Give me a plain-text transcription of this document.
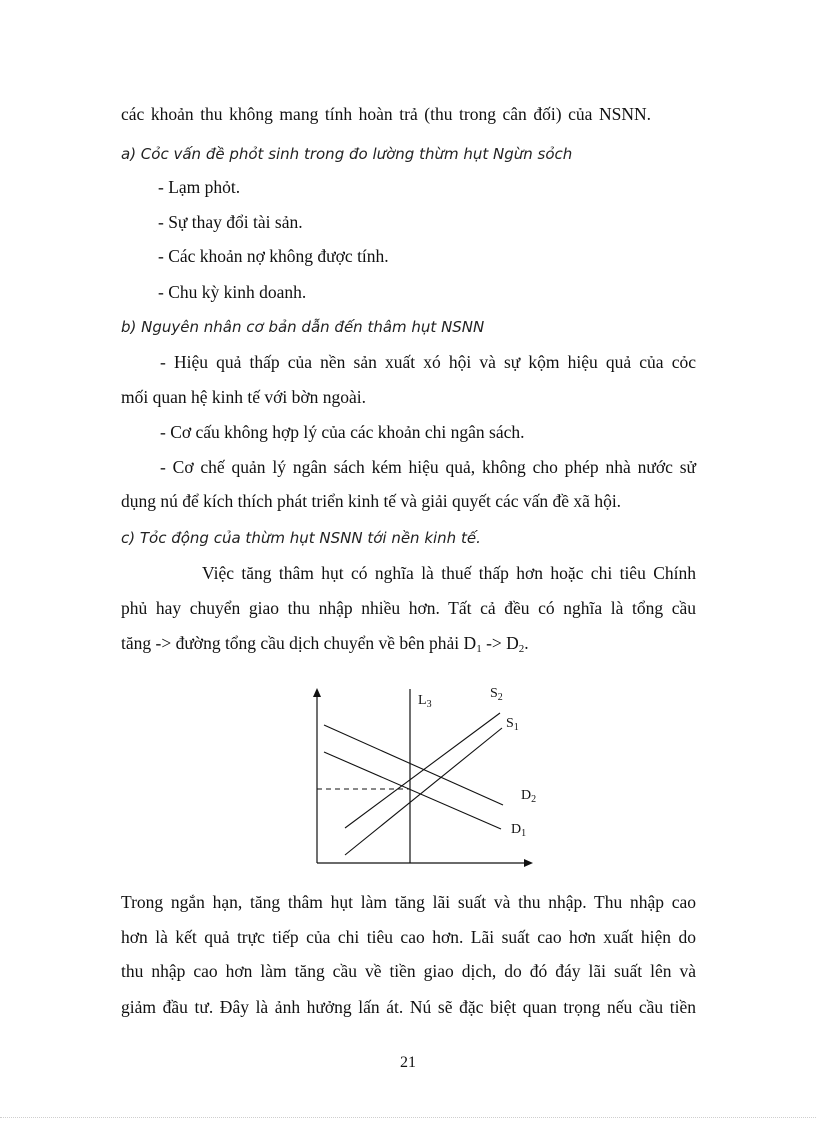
các khoản thu không mang tính hoàn trả (thu trong cân đối) của NSNN.
a) Cỏc vấn đề phỏt sinh trong đo lường thừm hụt Ngừn sỏch
- Lạm phỏt.
- Sự thay đổi tài sản.
- Các khoản nợ không được tính.
- Chu kỳ kinh doanh.
b) Nguyên nhân cơ bản dẫn đến thâm hụt NSNN
- Hiệu quả thấp của nền sản xuất xó hội và sự kộm hiệu quả của cỏc
mối quan hệ kinh tế với bờn ngoài.
- Cơ cấu không hợp lý của các khoản chi ngân sách.
- Cơ chế quản lý ngân sách kém hiệu quả, không cho phép nhà nước sử
dụng nú để kích thích phát triển kinh tế và giải quyết các vấn đề xã hội.
c) Tỏc động của thừm hụt NSNN tới nền kinh tế.
Việc tăng thâm hụt có nghĩa là thuế thấp hơn hoặc chi tiêu Chính
phủ hay chuyển giao thu nhập nhiều hơn. Tất cả đều có nghĩa là tổng cầu
tăng -> đường tổng cầu dịch chuyển về bên phải $D_1 -> D_2$.
$L_3$
$S_2$
$S_1$
$D_2$
$D_1$
Trong ngắn hạn, tăng thâm hụt làm tăng lãi suất và thu nhập. Thu nhập cao
hơn là kết quả trực tiếp của chi tiêu cao hơn. Lãi suất cao hơn xuất hiện do
thu nhập cao hơn làm tăng cầu về tiền giao dịch, do đó đáy lãi suất lên và
giảm đầu tư. Đây là ảnh hưởng lấn át. Nú sẽ đặc biệt quan trọng nếu cầu tiền
21
